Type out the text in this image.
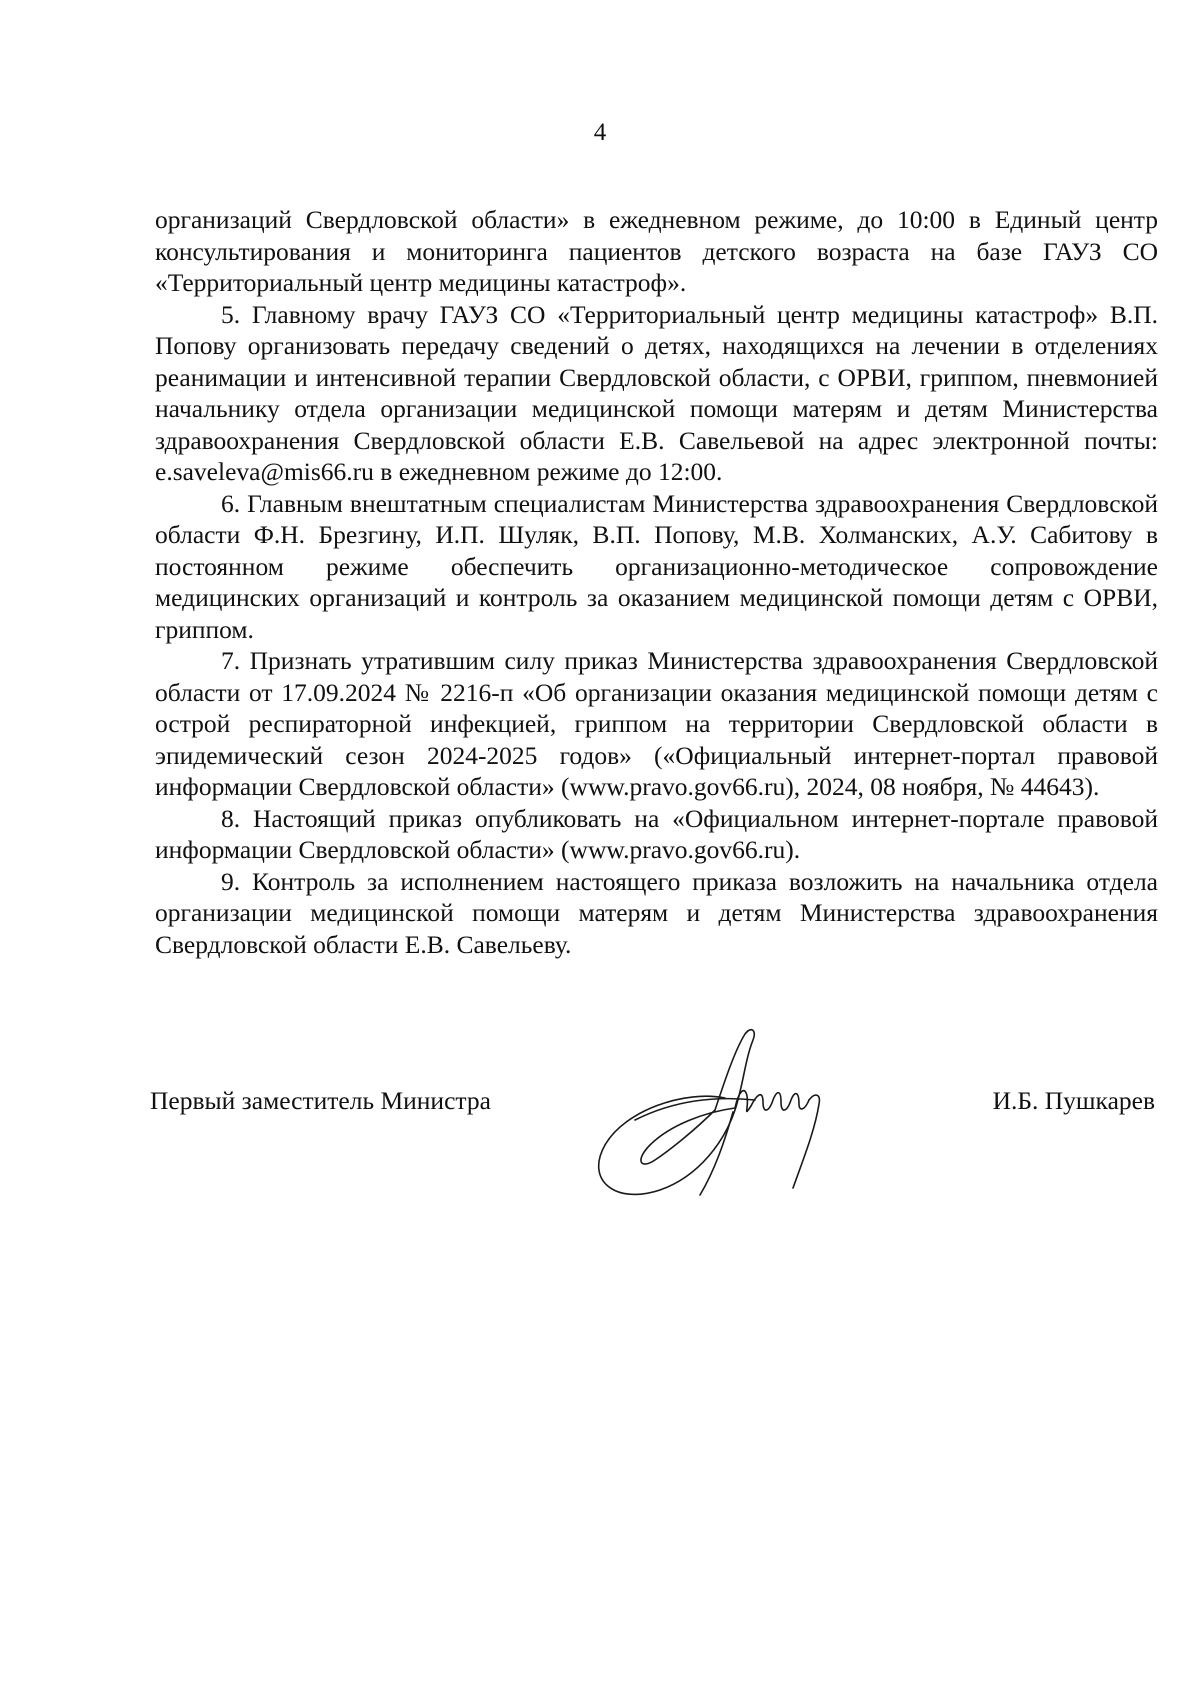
4

организаций Свердловской области» в ежедневном режиме, до 10:00 в Единый центр консультирования и мониторинга пациентов детского возраста на базе ГАУЗ СО «Территориальный центр медицины катастроф».

5. Главному врачу ГАУЗ СО «Территориальный центр медицины катастроф» В.П. Попову организовать передачу сведений о детях, находящихся на лечении в отделениях реанимации и интенсивной терапии Свердловской области, с ОРВИ, гриппом, пневмонией начальнику отдела организации медицинской помощи матерям и детям Министерства здравоохранения Свердловской области Е.В. Савельевой на адрес электронной почты: e.saveleva@mis66.ru в ежедневном режиме до 12:00.

6. Главным внештатным специалистам Министерства здравоохранения Свердловской области Ф.Н. Брезгину, И.П. Шуляк, В.П. Попову, М.В. Холманских, А.У. Сабитову в постоянном режиме обеспечить организационно-методическое сопровождение медицинских организаций и контроль за оказанием медицинской помощи детям с ОРВИ, гриппом.

7. Признать утратившим силу приказ Министерства здравоохранения Свердловской области от 17.09.2024 № 2216-п «Об организации оказания медицинской помощи детям с острой респираторной инфекцией, гриппом на территории Свердловской области в эпидемический сезон 2024-2025 годов» («Официальный интернет-портал правовой информации Свердловской области» (www.pravo.gov66.ru), 2024, 08 ноября, № 44643).

8. Настоящий приказ опубликовать на «Официальном интернет-портале правовой информации Свердловской области» (www.pravo.gov66.ru).

9. Контроль за исполнением настоящего приказа возложить на начальника отдела организации медицинской помощи матерям и детям Министерства здравоохранения Свердловской области Е.В. Савельеву.

Первый заместитель Министра	И.Б. Пушкарев
